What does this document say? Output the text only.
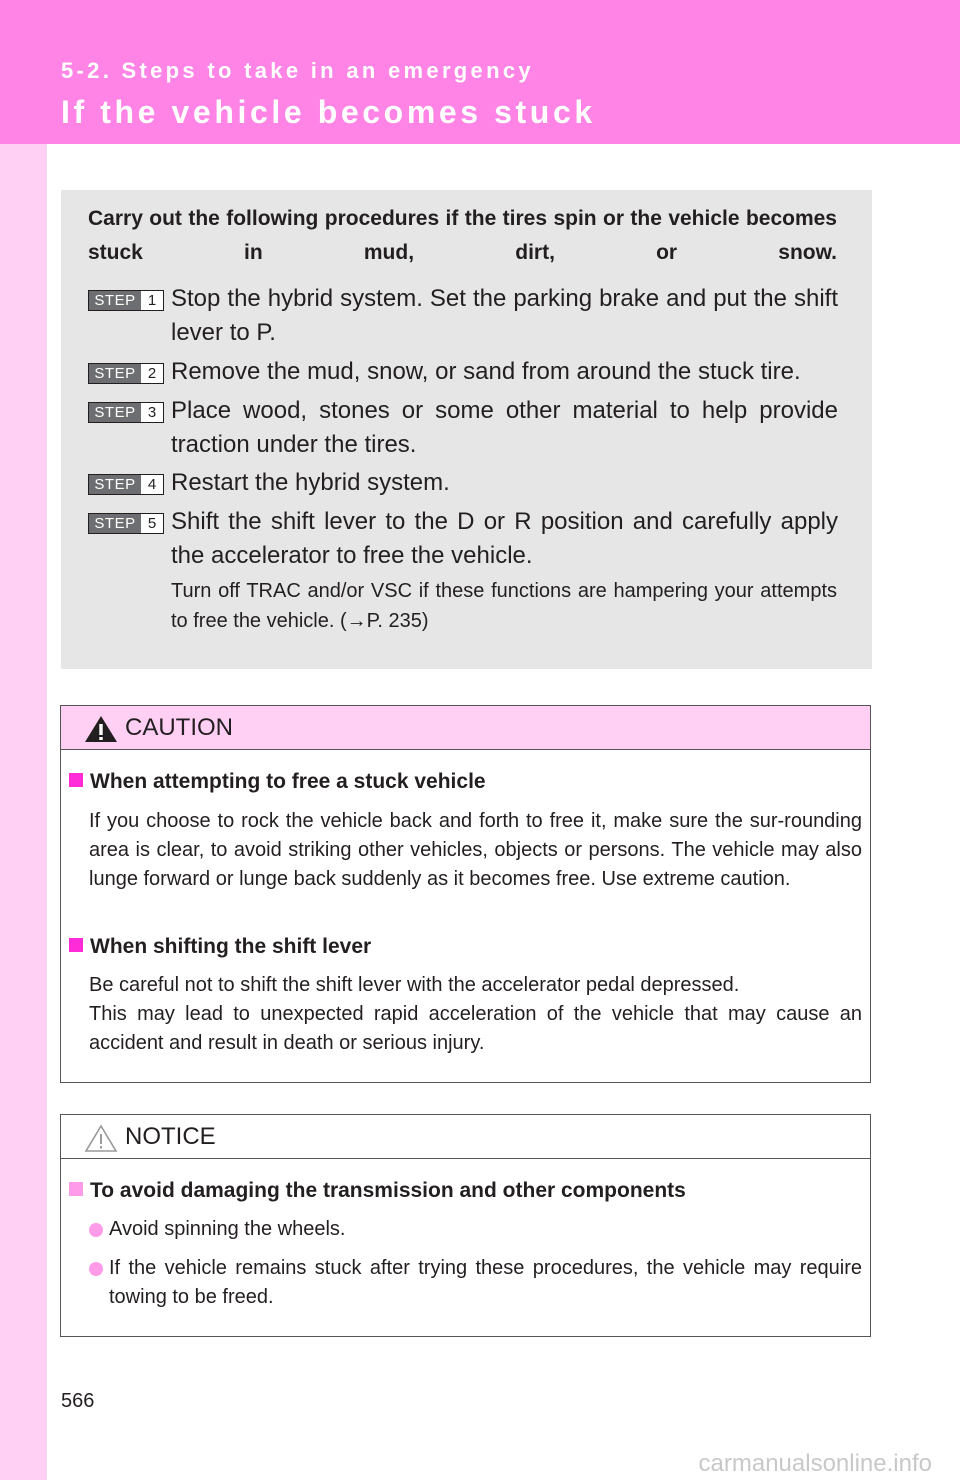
5-2. Steps to take in an emergency
If the vehicle becomes stuck

Carry out the following procedures if the tires spin or the vehicle becomes stuck in mud, dirt, or snow.

STEP 1 Stop the hybrid system. Set the parking brake and put the shift lever to P.

STEP 2 Remove the mud, snow, or sand from around the stuck tire.

STEP 3 Place wood, stones or some other material to help provide traction under the tires.

STEP 4 Restart the hybrid system.

STEP 5 Shift the shift lever to the D or R position and carefully apply the accelerator to free the vehicle.

Turn off TRAC and/or VSC if these functions are hampering your attempts to free the vehicle. (→P. 235)

CAUTION
When attempting to free a stuck vehicle

If you choose to rock the vehicle back and forth to free it, make sure the sur-rounding area is clear, to avoid striking other vehicles, objects or persons. The vehicle may also lunge forward or lunge back suddenly as it becomes free. Use extreme caution.

When shifting the shift lever

Be careful not to shift the shift lever with the accelerator pedal depressed.

This may lead to unexpected rapid acceleration of the vehicle that may cause an accident and result in death or serious injury.

NOTICE
To avoid damaging the transmission and other components
Avoid spinning the wheels.
If the vehicle remains stuck after trying these procedures, the vehicle may require towing to be freed.
566
carmanualsonline.info
